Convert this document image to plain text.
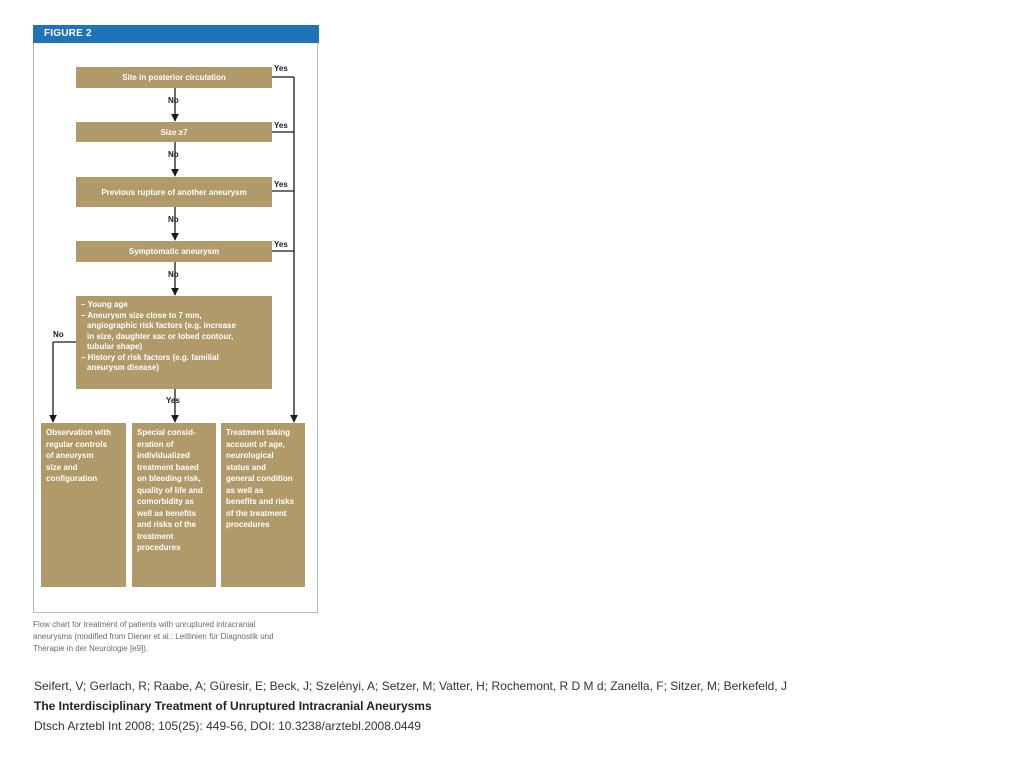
FIGURE 2
Site in posterior circulation
Size ≥7
Previous rupture of another aneurysm
Symptomatic aneurysm
– Young age
– Aneurysm size close to 7 mm,
angiographic risk factors (e.g. increase
in size, daughter sac or lobed contour,
tubular shape)
– History of risk factors (e.g. familial
aneurysm disease)
Observation with
regular controls
of aneurysm
size and
configuration
Special consid-
eration of
individualized
treatment based
on bleeding risk,
quality of life and
comorbidity as
well as benefits
and risks of the
treatment
procedures
Treatment taking
account of age,
neurological
status and
general condition
as well as
benefits and risks
of the treatment
procedures
Yes
Yes
Yes
Yes
Yes
No
No
No
No
No
Flow chart for treatment of patients with unruptured intracranial
aneurysms (modified from Diener et al.: Leitlinien für Diagnostik und
Therapie in der Neurologie [e9]).
Seifert, V; Gerlach, R; Raabe, A; Güresir, E; Beck, J; Szelényi, A; Setzer, M; Vatter, H; Rochemont, R D M d; Zanella, F; Sitzer, M; Berkefeld, J
The Interdisciplinary Treatment of Unruptured Intracranial Aneurysms
Dtsch Arztebl Int 2008; 105(25): 449-56, DOI: 10.3238/arztebl.2008.0449
